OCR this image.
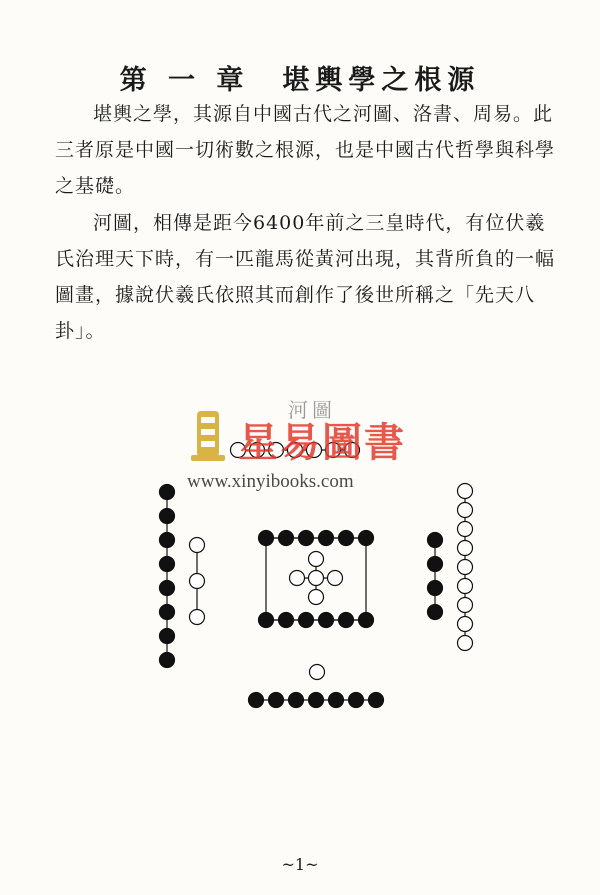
第 一 章　堪輿學之根源

堪輿之學，其源自中國古代之河圖、洛書、周易。此三者原是中國一切術數之根源，也是中國古代哲學與科學之基礎。

河圖，相傳是距今6400年前之三皇時代，有位伏羲氏治理天下時，有一匹龍馬從黃河出現，其背所負的一幅圖畫，據說伏羲氏依照其而創作了後世所稱之「先天八卦」。

河圖
星易圖書
www.xinyibooks.com

~1~
